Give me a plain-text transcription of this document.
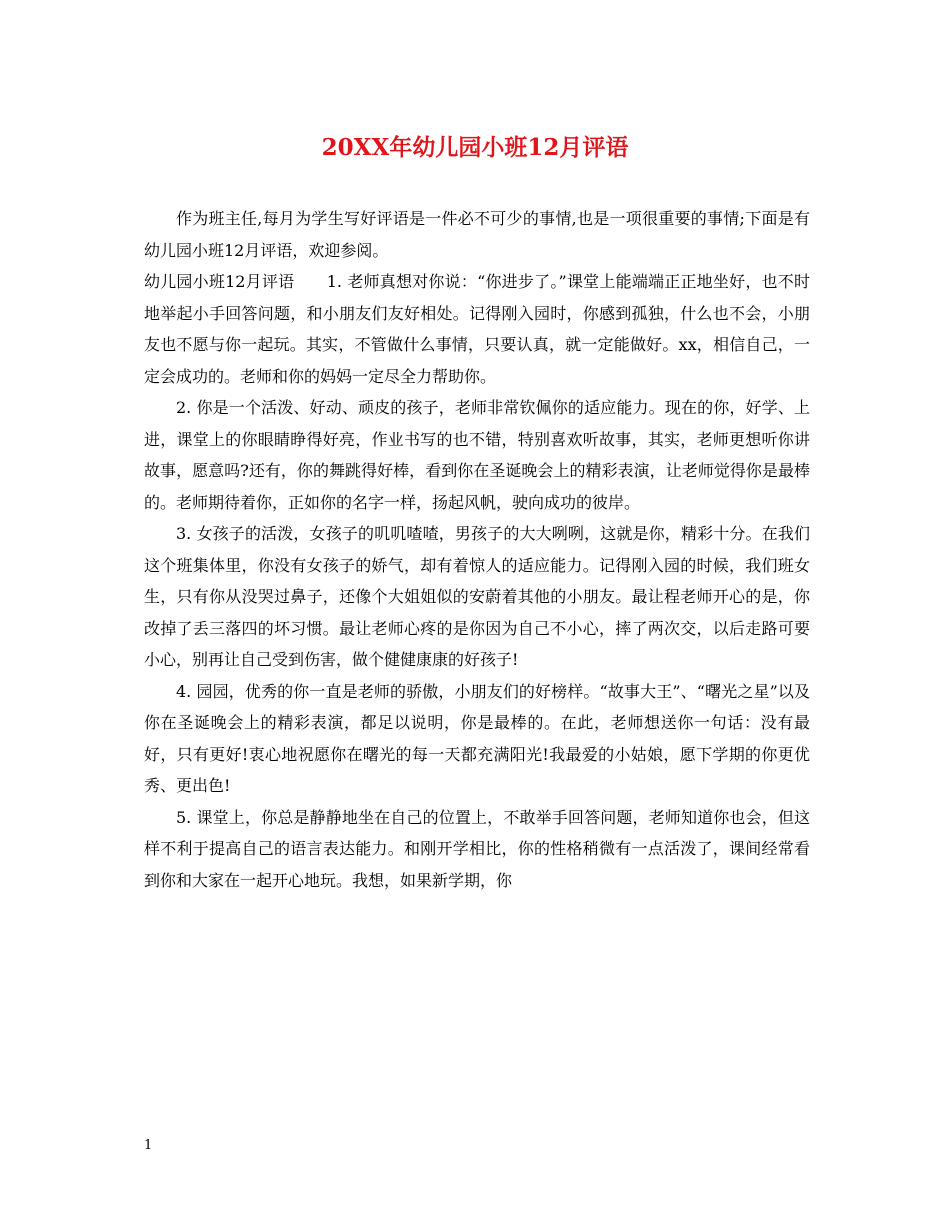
20XX年幼儿园小班12月评语

作为班主任,每月为学生写好评语是一件必不可少的事情,也是一项很重要的事情;下面是有幼儿园小班12月评语，欢迎参阅。

幼儿园小班12月评语　　1. 老师真想对你说：“你进步了。”课堂上能端端正正地坐好，也不时地举起小手回答问题，和小朋友们友好相处。记得刚入园时，你感到孤独，什么也不会，小朋友也不愿与你一起玩。其实，不管做什么事情，只要认真，就一定能做好。xx，相信自己，一定会成功的。老师和你的妈妈一定尽全力帮助你。

2. 你是一个活泼、好动、顽皮的孩子，老师非常钦佩你的适应能力。现在的你，好学、上进，课堂上的你眼睛睁得好亮，作业书写的也不错，特别喜欢听故事，其实，老师更想听你讲故事，愿意吗?还有，你的舞跳得好棒，看到你在圣诞晚会上的精彩表演，让老师觉得你是最棒的。老师期待着你，正如你的名字一样，扬起风帆，驶向成功的彼岸。

3. 女孩子的活泼，女孩子的叽叽喳喳，男孩子的大大咧咧，这就是你，精彩十分。在我们这个班集体里，你没有女孩子的娇气，却有着惊人的适应能力。记得刚入园的时候，我们班女生，只有你从没哭过鼻子，还像个大姐姐似的安蔚着其他的小朋友。最让程老师开心的是，你改掉了丢三落四的坏习惯。最让老师心疼的是你因为自己不小心，摔了两次交，以后走路可要小心，别再让自己受到伤害，做个健健康康的好孩子!

4. 园园，优秀的你一直是老师的骄傲，小朋友们的好榜样。“故事大王”、“曙光之星”以及你在圣诞晚会上的精彩表演，都足以说明，你是最棒的。在此，老师想送你一句话：没有最好，只有更好!衷心地祝愿你在曙光的每一天都充满阳光!我最爱的小姑娘，愿下学期的你更优秀、更出色!

5. 课堂上，你总是静静地坐在自己的位置上，不敢举手回答问题，老师知道你也会，但这样不利于提高自己的语言表达能力。和刚开学相比，你的性格稍微有一点活泼了，课间经常看到你和大家在一起开心地玩。我想，如果新学期，你

1
